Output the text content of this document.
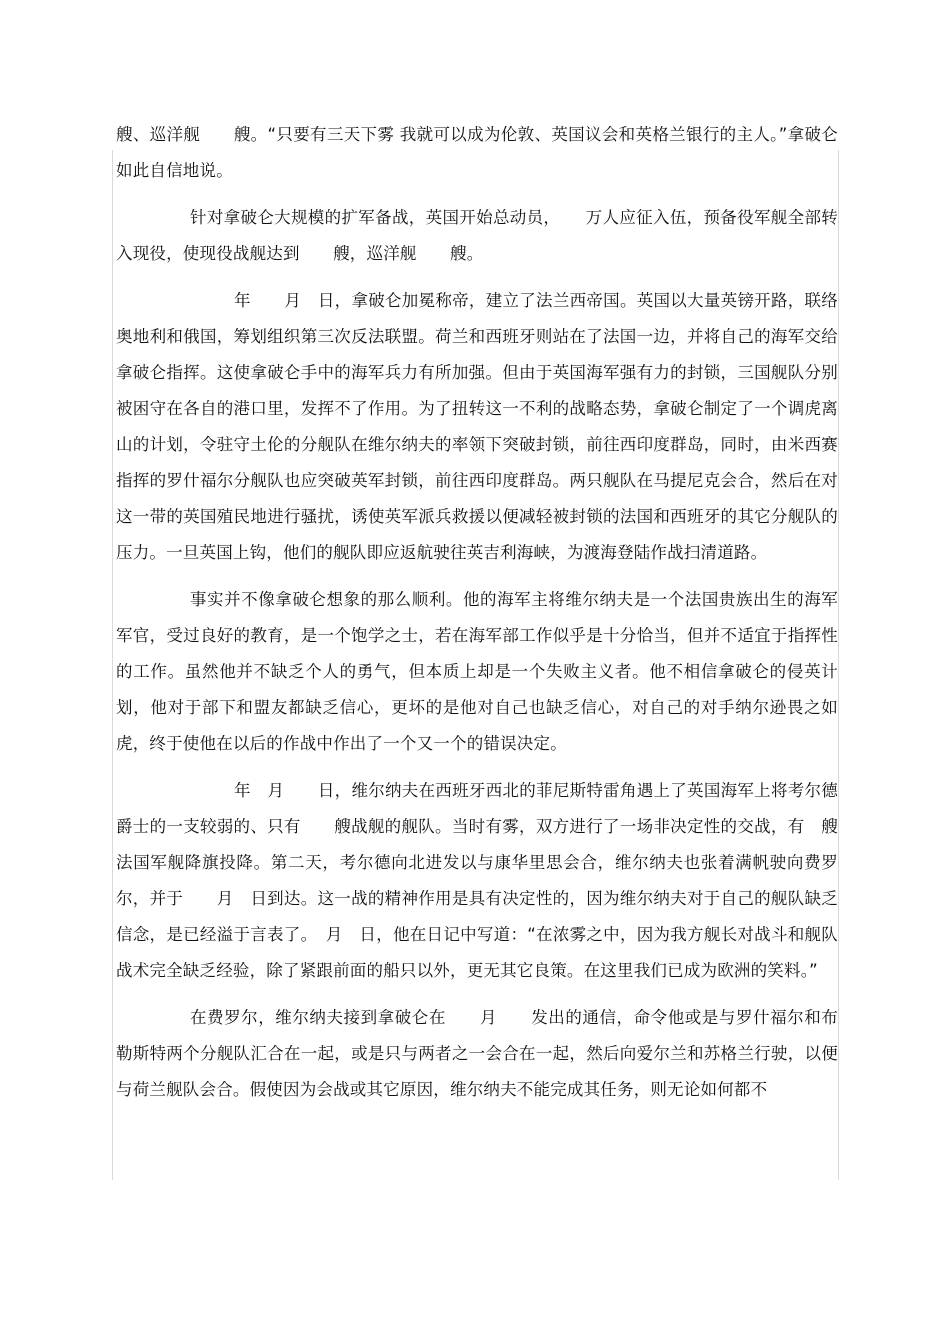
艘、巡洋舰　　艘。“只要有三天下雾 我就可以成为伦敦、英国议会和英格兰银行的主人。”拿破仑如此自信地说。

针对拿破仑大规模的扩军备战，英国开始总动员，　　万人应征入伍，预备役军舰全部转入现役，使现役战舰达到　　艘，巡洋舰　　艘。

年　　月　日，拿破仑加冕称帝，建立了法兰西帝国。英国以大量英镑开路，联络奥地利和俄国，筹划组织第三次反法联盟。荷兰和西班牙则站在了法国一边，并将自己的海军交给拿破仑指挥。这使拿破仑手中的海军兵力有所加强。但由于英国海军强有力的封锁，三国舰队分别被困守在各自的港口里，发挥不了作用。为了扭转这一不利的战略态势，拿破仑制定了一个调虎离山的计划，令驻守土伦的分舰队在维尔纳夫的率领下突破封锁，前往西印度群岛，同时，由米西赛指挥的罗什福尔分舰队也应突破英军封锁，前往西印度群岛。两只舰队在马提尼克会合，然后在对这一带的英国殖民地进行骚扰，诱使英军派兵救援以便减轻被封锁的法国和西班牙的其它分舰队的压力。一旦英国上钩，他们的舰队即应返航驶往英吉利海峡，为渡海登陆作战扫清道路。

事实并不像拿破仑想象的那么顺利。他的海军主将维尔纳夫是一个法国贵族出生的海军军官，受过良好的教育，是一个饱学之士，若在海军部工作似乎是十分恰当，但并不适宜于指挥性的工作。虽然他并不缺乏个人的勇气，但本质上却是一个失败主义者。他不相信拿破仑的侵英计划，他对于部下和盟友都缺乏信心，更坏的是他对自己也缺乏信心，对自己的对手纳尔逊畏之如虎，终于使他在以后的作战中作出了一个又一个的错误决定。

年　月　　日，维尔纳夫在西班牙西北的菲尼斯特雷角遇上了英国海军上将考尔德爵士的一支较弱的、只有　　艘战舰的舰队。当时有雾，双方进行了一场非决定性的交战，有　艘法国军舰降旗投降。第二天，考尔德向北进发以与康华里思会合，维尔纳夫也张着满帆驶向费罗尔，并于　　月　日到达。这一战的精神作用是具有决定性的，因为维尔纳夫对于自己的舰队缺乏信念，是已经溢于言表了。　月　日，他在日记中写道：“在浓雾之中，因为我方舰长对战斗和舰队战术完全缺乏经验，除了紧跟前面的船只以外，更无其它良策。在这里我们已成为欧洲的笑料。”

在费罗尔，维尔纳夫接到拿破仑在　　月　　发出的通信，命令他或是与罗什福尔和布勒斯特两个分舰队汇合在一起，或是只与两者之一会合在一起，然后向爱尔兰和苏格兰行驶，以便与荷兰舰队会合。假使因为会战或其它原因，维尔纳夫不能完成其任务，则无论如何都不
